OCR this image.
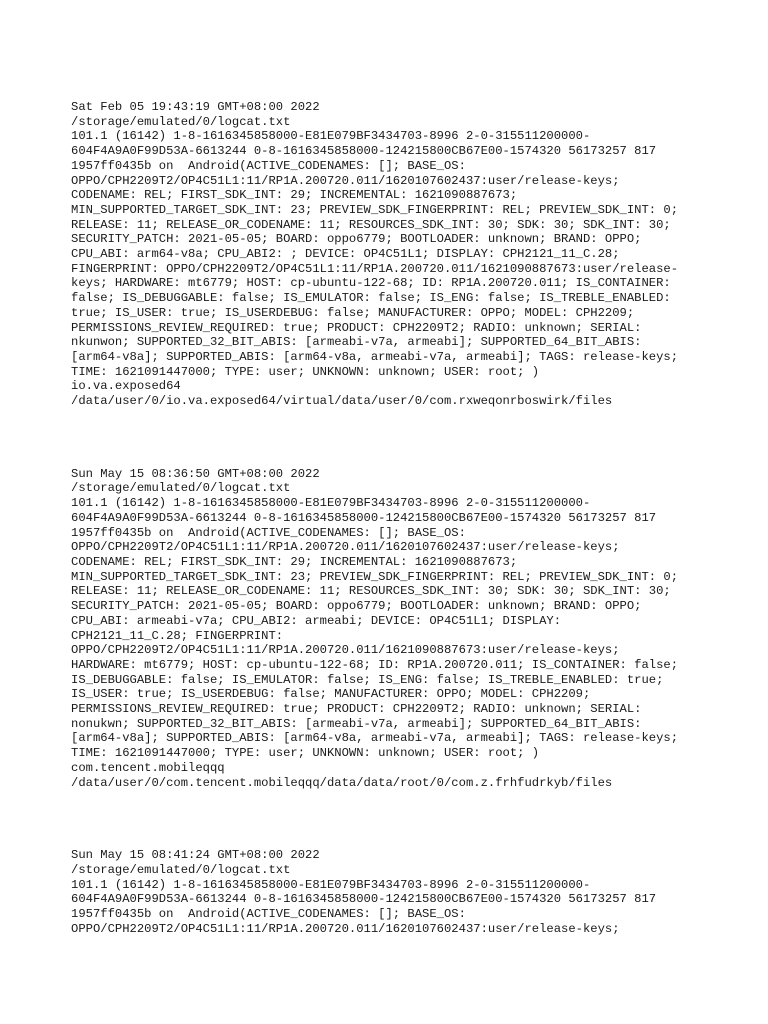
Sat Feb 05 19:43:19 GMT+08:00 2022
/storage/emulated/0/logcat.txt
101.1 (16142) 1-8-1616345858000-E81E079BF3434703-8996 2-0-315511200000-
604F4A9A0F99D53A-6613244 0-8-1616345858000-124215800CB67E00-1574320 56173257 817
1957ff0435b on  Android(ACTIVE_CODENAMES: []; BASE_OS:
OPPO/CPH2209T2/OP4C51L1:11/RP1A.200720.011/1620107602437:user/release-keys;
CODENAME: REL; FIRST_SDK_INT: 29; INCREMENTAL: 1621090887673;
MIN_SUPPORTED_TARGET_SDK_INT: 23; PREVIEW_SDK_FINGERPRINT: REL; PREVIEW_SDK_INT: 0;
RELEASE: 11; RELEASE_OR_CODENAME: 11; RESOURCES_SDK_INT: 30; SDK: 30; SDK_INT: 30;
SECURITY_PATCH: 2021-05-05; BOARD: oppo6779; BOOTLOADER: unknown; BRAND: OPPO;
CPU_ABI: arm64-v8a; CPU_ABI2: ; DEVICE: OP4C51L1; DISPLAY: CPH2121_11_C.28;
FINGERPRINT: OPPO/CPH2209T2/OP4C51L1:11/RP1A.200720.011/1621090887673:user/release-
keys; HARDWARE: mt6779; HOST: cp-ubuntu-122-68; ID: RP1A.200720.011; IS_CONTAINER:
false; IS_DEBUGGABLE: false; IS_EMULATOR: false; IS_ENG: false; IS_TREBLE_ENABLED:
true; IS_USER: true; IS_USERDEBUG: false; MANUFACTURER: OPPO; MODEL: CPH2209;
PERMISSIONS_REVIEW_REQUIRED: true; PRODUCT: CPH2209T2; RADIO: unknown; SERIAL:
nkunwon; SUPPORTED_32_BIT_ABIS: [armeabi-v7a, armeabi]; SUPPORTED_64_BIT_ABIS:
[arm64-v8a]; SUPPORTED_ABIS: [arm64-v8a, armeabi-v7a, armeabi]; TAGS: release-keys;
TIME: 1621091447000; TYPE: user; UNKNOWN: unknown; USER: root; )
io.va.exposed64
/data/user/0/io.va.exposed64/virtual/data/user/0/com.rxweqonrboswirk/files
Sun May 15 08:36:50 GMT+08:00 2022
/storage/emulated/0/logcat.txt
101.1 (16142) 1-8-1616345858000-E81E079BF3434703-8996 2-0-315511200000-
604F4A9A0F99D53A-6613244 0-8-1616345858000-124215800CB67E00-1574320 56173257 817
1957ff0435b on  Android(ACTIVE_CODENAMES: []; BASE_OS:
OPPO/CPH2209T2/OP4C51L1:11/RP1A.200720.011/1620107602437:user/release-keys;
CODENAME: REL; FIRST_SDK_INT: 29; INCREMENTAL: 1621090887673;
MIN_SUPPORTED_TARGET_SDK_INT: 23; PREVIEW_SDK_FINGERPRINT: REL; PREVIEW_SDK_INT: 0;
RELEASE: 11; RELEASE_OR_CODENAME: 11; RESOURCES_SDK_INT: 30; SDK: 30; SDK_INT: 30;
SECURITY_PATCH: 2021-05-05; BOARD: oppo6779; BOOTLOADER: unknown; BRAND: OPPO;
CPU_ABI: armeabi-v7a; CPU_ABI2: armeabi; DEVICE: OP4C51L1; DISPLAY:
CPH2121_11_C.28; FINGERPRINT:
OPPO/CPH2209T2/OP4C51L1:11/RP1A.200720.011/1621090887673:user/release-keys;
HARDWARE: mt6779; HOST: cp-ubuntu-122-68; ID: RP1A.200720.011; IS_CONTAINER: false;
IS_DEBUGGABLE: false; IS_EMULATOR: false; IS_ENG: false; IS_TREBLE_ENABLED: true;
IS_USER: true; IS_USERDEBUG: false; MANUFACTURER: OPPO; MODEL: CPH2209;
PERMISSIONS_REVIEW_REQUIRED: true; PRODUCT: CPH2209T2; RADIO: unknown; SERIAL:
nonukwn; SUPPORTED_32_BIT_ABIS: [armeabi-v7a, armeabi]; SUPPORTED_64_BIT_ABIS:
[arm64-v8a]; SUPPORTED_ABIS: [arm64-v8a, armeabi-v7a, armeabi]; TAGS: release-keys;
TIME: 1621091447000; TYPE: user; UNKNOWN: unknown; USER: root; )
com.tencent.mobileqqq
/data/user/0/com.tencent.mobileqqq/data/data/root/0/com.z.frhfudrkyb/files
Sun May 15 08:41:24 GMT+08:00 2022
/storage/emulated/0/logcat.txt
101.1 (16142) 1-8-1616345858000-E81E079BF3434703-8996 2-0-315511200000-
604F4A9A0F99D53A-6613244 0-8-1616345858000-124215800CB67E00-1574320 56173257 817
1957ff0435b on  Android(ACTIVE_CODENAMES: []; BASE_OS:
OPPO/CPH2209T2/OP4C51L1:11/RP1A.200720.011/1620107602437:user/release-keys;
